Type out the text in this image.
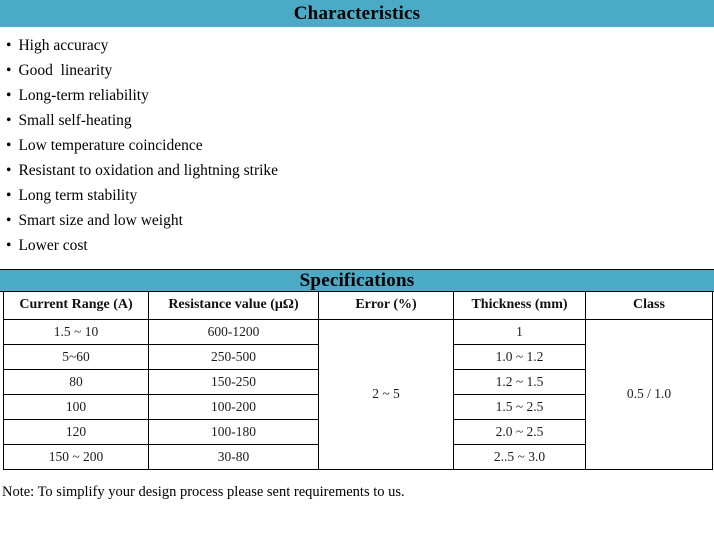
Characteristics
• High accuracy
• Good  linearity
• Long-term reliability
• Small self-heating
• Low temperature coincidence
• Resistant to oxidation and lightning strike
• Long term stability
• Smart size and low weight
• Lower cost
Specifications
Current Range (A)	Resistance value (μΩ)	Error (%)	Thickness (mm)	Class
1.5 ~ 10	600-1200	2 ~ 5	1	0.5 / 1.0
5~60	250-500		1.0 ~ 1.2	
80	150-250		1.2 ~ 1.5	
100	100-200		1.5 ~ 2.5	
120	100-180		2.0 ~ 2.5	
150 ~ 200	30-80		2..5 ~ 3.0	

Note: To simplify your design process please sent requirements to us.
